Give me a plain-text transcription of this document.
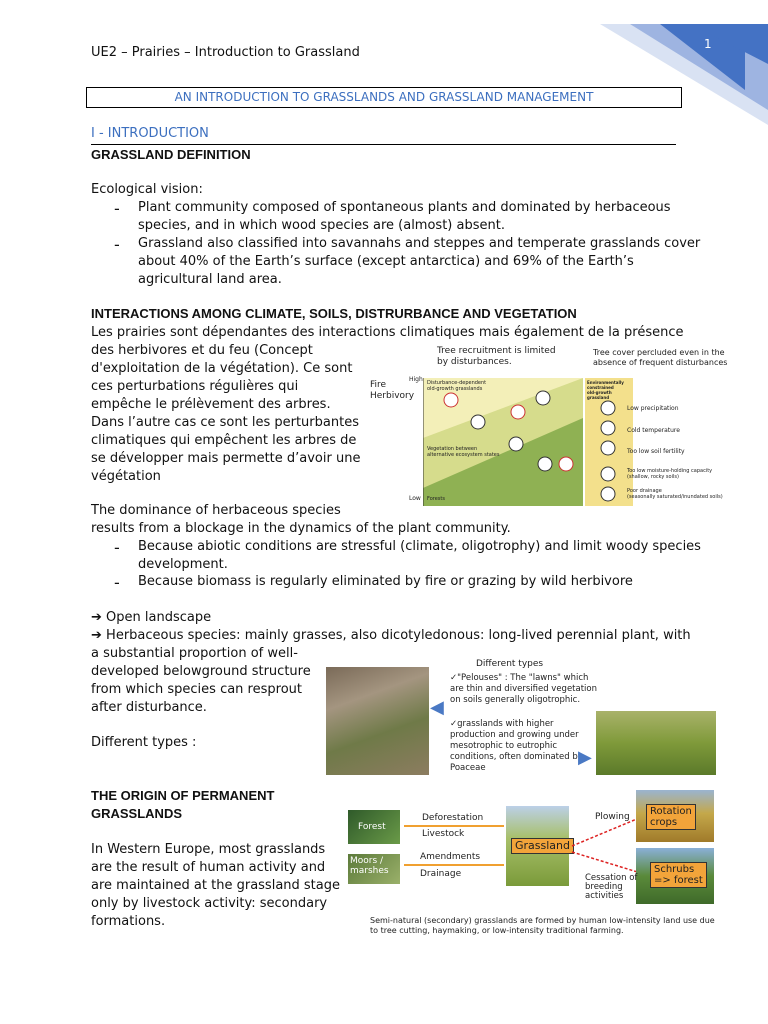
1
UE2 – Prairies – Introduction to Grassland
AN INTRODUCTION TO GRASSLANDS AND GRASSLAND MANAGEMENT
I - INTRODUCTION
GRASSLAND DEFINITION
Ecological vision:
- Plant community composed of spontaneous plants and dominated by herbaceous
species, and in which wood species are (almost) absent.
- Grassland also classified into savannahs and steppes and temperate grasslands cover
about 40% of the Earth’s surface (except antarctica) and 69% of the Earth’s
agricultural land area.
INTERACTIONS AMONG CLIMATE, SOILS, DISTRURBANCE AND VEGETATION
Les prairies sont dépendantes des interactions climatiques mais également de la présence
des herbivores et du feu (Concept
d'exploitation de la végétation). Ce sont
ces perturbations régulières qui
empêche le prélèvement des arbres.
Dans l’autre cas ce sont les perturbantes
climatiques qui empêchent les arbres de
se développer mais permette d’avoir une
végétation
Tree recruitment is limited
by disturbances.
Tree cover percluded even in the
absence of frequent disturbances
Fire
Herbivory
High
Low
Disturbance-dependent
old-growth grasslands
Vegetation between
alternative ecosystem states
Forests
Environmentally
constrained
old-growth
grassland
Low precipitation
Cold temperature
Too low soil fertility
Too low moisture-holding capacity
(shallow, rocky soils)
Poor drainage
(seasonally saturated/inundated soils)
The dominance of herbaceous species
results from a blockage in the dynamics of the plant community.
- Because abiotic conditions are stressful (climate, oligotrophy) and limit woody species
development.
- Because biomass is regularly eliminated by fire or grazing by wild herbivore
➔ Open landscape
➔ Herbaceous species: mainly grasses, also dicotyledonous: long-lived perennial plant, with
a substantial proportion of well-
developed belowground structure
from which species can resprout
after disturbance.
Different types :
◀
Different types
✓"Pelouses" : The "lawns" which
are thin and diversified vegetation
on soils generally oligotrophic.
✓grasslands with higher
production and growing under
mesotrophic to eutrophic
conditions, often dominated by
Poaceae	▶
THE ORIGIN OF PERMANENT
GRASSLANDS
In Western Europe, most grasslands
are the result of human activity and
are maintained at the grassland stage
only by livestock activity: secondary
formations.
Forest
Moors /
marshes
Deforestation
Livestock
Amendments
Drainage
Grassland
Plowing	Rotation
crops
Schrubs
=> forest
Cessation of
breeding
activities
Semi-natural (secondary) grasslands are formed by human low-intensity land use due
to tree cutting, haymaking, or low-intensity traditional farming.
